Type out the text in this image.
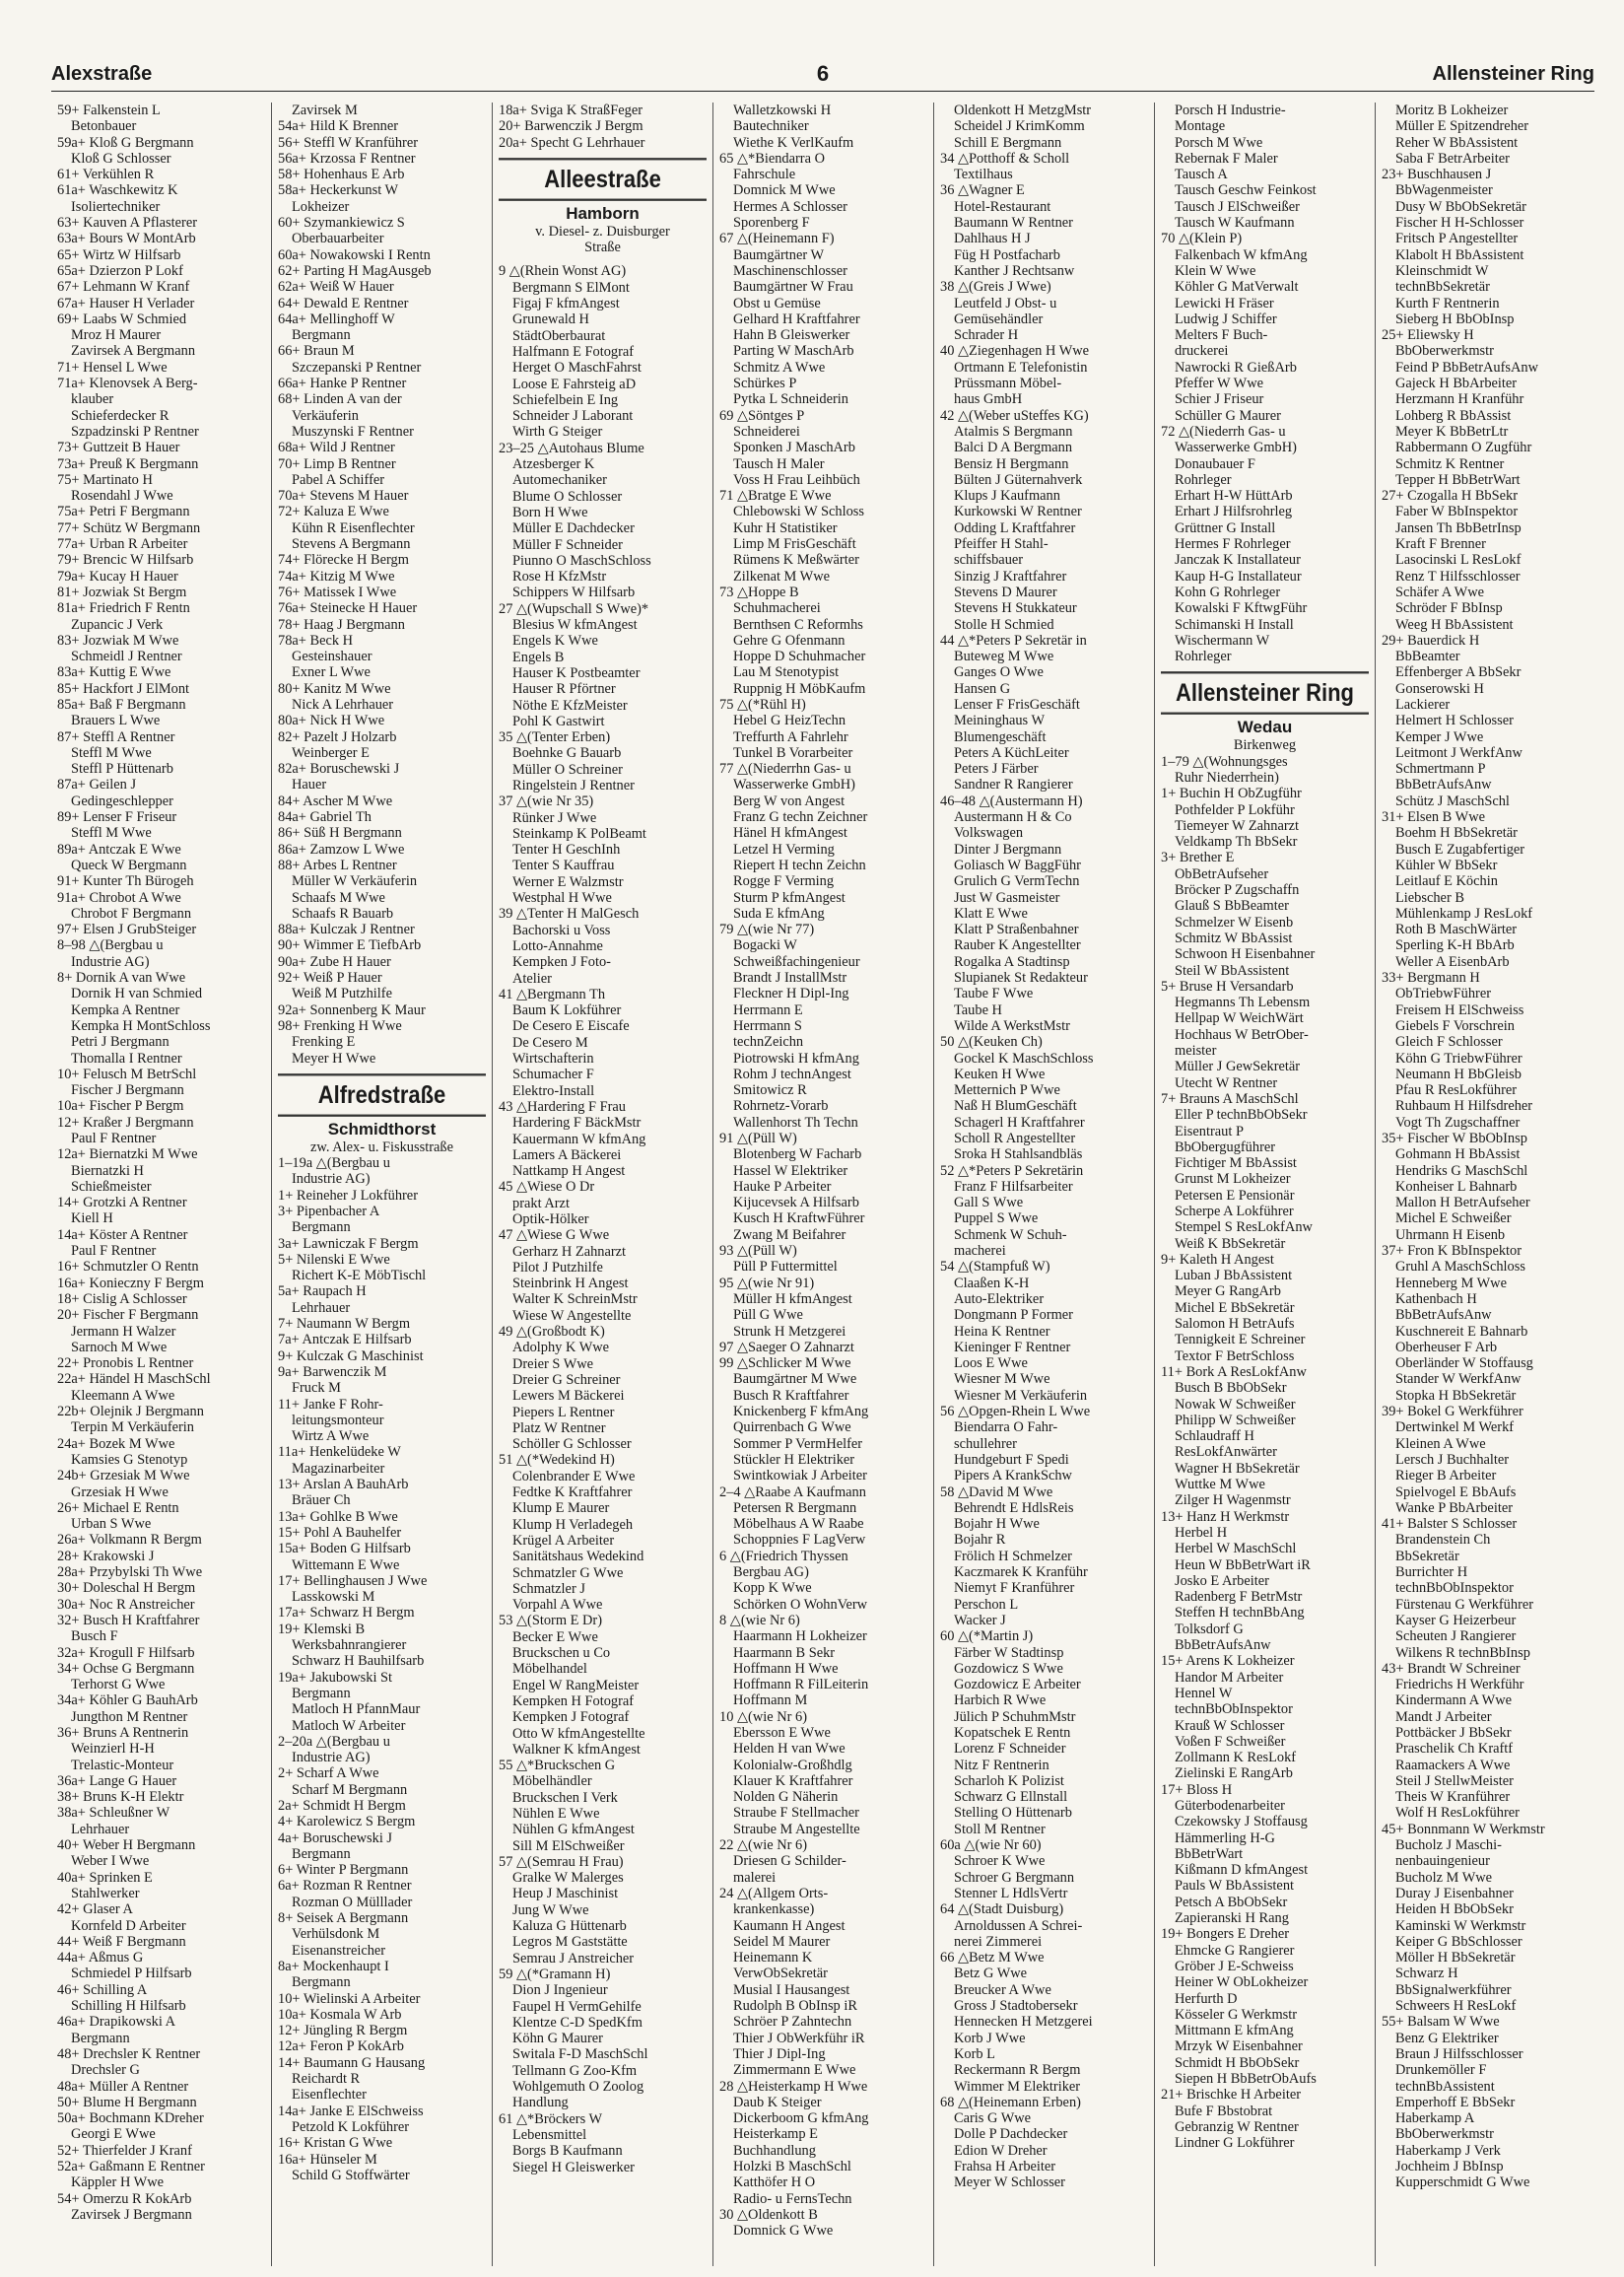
Alexstraße	6	Allensteiner Ring
59+ Falkenstein L
Betonbauer
59a+ Kloß G Bergmann
Kloß G Schlosser
61+ Verkühlen R
61a+ Waschkewitz K
Isoliertechniker
63+ Kauven A Pflasterer
63a+ Bours W MontArb
65+ Wirtz W Hilfsarb
65a+ Dzierzon P Lokf
67+ Lehmann W Kranf
67a+ Hauser H Verlader
69+ Laabs W Schmied
Mroz H Maurer
Zavirsek A Bergmann
71+ Hensel L Wwe
71a+ Klenovsek A Berg-
klauber
Schieferdecker R
Szpadzinski P Rentner
73+ Guttzeit B Hauer
73a+ Preuß K Bergmann
75+ Martinato H
Rosendahl J Wwe
75a+ Petri F Bergmann
77+ Schütz W Bergmann
77a+ Urban R Arbeiter
79+ Brencic W Hilfsarb
79a+ Kucay H Hauer
81+ Jozwiak St Bergm
81a+ Friedrich F Rentn
Zupancic J Verk
83+ Jozwiak M Wwe
Schmeidl J Rentner
83a+ Kuttig E Wwe
85+ Hackfort J ElMont
85a+ Baß F Bergmann
Brauers L Wwe
87+ Steffl A Rentner
Steffl M Wwe
Steffl P Hüttenarb
87a+ Geilen J
Gedingeschlepper
89+ Lenser F Friseur
Steffl M Wwe
89a+ Antczak E Wwe
Queck W Bergmann
91+ Kunter Th Bürogeh
91a+ Chrobot A Wwe
Chrobot F Bergmann
97+ Elsen J GrubSteiger
8–98 △(Bergbau u
Industrie AG)
8+ Dornik A van Wwe
Dornik H van Schmied
Kempka A Rentner
Kempka H MontSchloss
Petri J Bergmann
Thomalla I Rentner
10+ Felusch M BetrSchl
Fischer J Bergmann
10a+ Fischer P Bergm
12+ Kraßer J Bergmann
Paul F Rentner
12a+ Biernatzki M Wwe
Biernatzki H
Schießmeister
14+ Grotzki A Rentner
Kiell H
14a+ Köster A Rentner
Paul F Rentner
16+ Schmutzler O Rentn
16a+ Konieczny F Bergm
18+ Cislig A Schlosser
20+ Fischer F Bergmann
Jermann H Walzer
Sarnoch M Wwe
22+ Pronobis L Rentner
22a+ Händel H MaschSchl
Kleemann A Wwe
22b+ Olejnik J Bergmann
Terpin M Verkäuferin
24a+ Bozek M Wwe
Kamsies G Stenotyp
24b+ Grzesiak M Wwe
Grzesiak H Wwe
26+ Michael E Rentn
Urban S Wwe
26a+ Volkmann R Bergm
28+ Krakowski J
28a+ Przybylski Th Wwe
30+ Doleschal H Bergm
30a+ Noc R Anstreicher
32+ Busch H Kraftfahrer
Busch F
32a+ Krogull F Hilfsarb
34+ Ochse G Bergmann
Terhorst G Wwe
34a+ Köhler G BauhArb
Jungthon M Rentner
36+ Bruns A Rentnerin
Weinzierl H-H
Trelastic-Monteur
36a+ Lange G Hauer
38+ Bruns K-H Elektr
38a+ Schleußner W
Lehrhauer
40+ Weber H Bergmann
Weber I Wwe
40a+ Sprinken E
Stahlwerker
42+ Glaser A
Kornfeld D Arbeiter
44+ Weiß F Bergmann
44a+ Aßmus G
Schmiedel P Hilfsarb
46+ Schilling A
Schilling H Hilfsarb
46a+ Drapikowski A
Bergmann
48+ Drechsler K Rentner
Drechsler G
48a+ Müller A Rentner
50+ Blume H Bergmann
50a+ Bochmann KDreher
Georgi E Wwe
52+ Thierfelder J Kranf
52a+ Gaßmann E Rentner
Käppler H Wwe
54+ Omerzu R KokArb
Zavirsek J Bergmann
Zavirsek M
54a+ Hild K Brenner
56+ Steffl W Kranführer
56a+ Krzossa F Rentner
58+ Hohenhaus E Arb
58a+ Heckerkunst W
Lokheizer
60+ Szymankiewicz S
Oberbauarbeiter
60a+ Nowakowski I Rentn
62+ Parting H MagAusgeb
62a+ Weiß W Hauer
64+ Dewald E Rentner
64a+ Mellinghoff W
Bergmann
66+ Braun M
Szczepanski P Rentner
66a+ Hanke P Rentner
68+ Linden A van der
Verkäuferin
Muszynski F Rentner
68a+ Wild J Rentner
70+ Limp B Rentner
Pabel A Schiffer
70a+ Stevens M Hauer
72+ Kaluza E Wwe
Kühn R Eisenflechter
Stevens A Bergmann
74+ Flörecke H Bergm
74a+ Kitzig M Wwe
76+ Matissek I Wwe
76a+ Steinecke H Hauer
78+ Haag J Bergmann
78a+ Beck H
Gesteinshauer
Exner L Wwe
80+ Kanitz M Wwe
Nick A Lehrhauer
80a+ Nick H Wwe
82+ Pazelt J Holzarb
Weinberger E
82a+ Boruschewski J
Hauer
84+ Ascher M Wwe
84a+ Gabriel Th
86+ Süß H Bergmann
86a+ Zamzow L Wwe
88+ Arbes L Rentner
Müller W Verkäuferin
Schaafs M Wwe
Schaafs R Bauarb
88a+ Kulczak J Rentner
90+ Wimmer E TiefbArb
90a+ Zube H Hauer
92+ Weiß P Hauer
Weiß M Putzhilfe
92a+ Sonnenberg K Maur
98+ Frenking H Wwe
Frenking E
Meyer H Wwe
Alfredstraße
Schmidthorst
zw. Alex- u. Fiskusstraße
1–19a △(Bergbau u
Industrie AG)
1+ Reineher J Lokführer
3+ Pipenbacher A
Bergmann
3a+ Lawniczak F Bergm
5+ Nilenski E Wwe
Richert K-E MöbTischl
5a+ Raupach H
Lehrhauer
7+ Naumann W Bergm
7a+ Antczak E Hilfsarb
9+ Kulczak G Maschinist
9a+ Barwenczik M
Fruck M
11+ Janke F Rohr-
leitungsmonteur
Wirtz A Wwe
11a+ Henkelüdeke W
Magazinarbeiter
13+ Arslan A BauhArb
Bräuer Ch
13a+ Gohlke B Wwe
15+ Pohl A Bauhelfer
15a+ Boden G Hilfsarb
Wittemann E Wwe
17+ Bellinghausen J Wwe
Lasskowski M
17a+ Schwarz H Bergm
19+ Klemski B
Werksbahnrangierer
Schwarz H Bauhilfsarb
19a+ Jakubowski St
Bergmann
Matloch H PfannMaur
Matloch W Arbeiter
2–20a △(Bergbau u
Industrie AG)
2+ Scharf A Wwe
Scharf M Bergmann
2a+ Schmidt H Bergm
4+ Karolewicz S Bergm
4a+ Boruschewski J
Bergmann
6+ Winter P Bergmann
6a+ Rozman R Rentner
Rozman O Mülllader
8+ Seisek A Bergmann
Verhülsdonk M
Eisenanstreicher
8a+ Mockenhaupt I
Bergmann
10+ Wielinski A Arbeiter
10a+ Kosmala W Arb
12+ Jüngling R Bergm
12a+ Feron P KokArb
14+ Baumann G Hausang
Reichardt R
Eisenflechter
14a+ Janke E ElSchweiss
Petzold K Lokführer
16+ Kristan G Wwe
16a+ Hünseler M
Schild G Stoffwärter
18a+ Sviga K StraßFeger
20+ Barwenczik J Bergm
20a+ Specht G Lehrhauer
Alleestraße
Hamborn
v. Diesel- z. Duisburger
Straße
9 △(Rhein Wonst AG)
Bergmann S ElMont
Figaj F kfmAngest
Grunewald H
StädtOberbaurat
Halfmann E Fotograf
Herget O MaschFahrst
Loose E Fahrsteig aD
Schiefelbein E Ing
Schneider J Laborant
Wirth G Steiger
23–25 △Autohaus Blume
Atzesberger K
Automechaniker
Blume O Schlosser
Born H Wwe
Müller E Dachdecker
Müller F Schneider
Piunno O MaschSchloss
Rose H KfzMstr
Schippers W Hilfsarb
27 △(Wupschall S Wwe)*
Blesius W kfmAngest
Engels K Wwe
Engels B
Hauser K Postbeamter
Hauser R Pförtner
Nöthe E KfzMeister
Pohl K Gastwirt
35 △(Tenter Erben)
Boehnke G Bauarb
Müller O Schreiner
Ringelstein J Rentner
37 △(wie Nr 35)
Rünker J Wwe
Steinkamp K PolBeamt
Tenter H GeschInh
Tenter S Kauffrau
Werner E Walzmstr
Westphal H Wwe
39 △Tenter H MalGesch
Bachorski u Voss
Lotto-Annahme
Kempken J Foto-
Atelier
41 △Bergmann Th
Baum K Lokführer
De Cesero E Eiscafe
De Cesero M
Wirtschafterin
Schumacher F
Elektro-Install
43 △Hardering F Frau
Hardering F BäckMstr
Kauermann W kfmAng
Lamers A Bäckerei
Nattkamp H Angest
45 △Wiese O Dr
prakt Arzt
Optik-Hölker
47 △Wiese G Wwe
Gerharz H Zahnarzt
Pilot J Putzhilfe
Steinbrink H Angest
Walter K SchreinMstr
Wiese W Angestellte
49 △(Großbodt K)
Adolphy K Wwe
Dreier S Wwe
Dreier G Schreiner
Lewers M Bäckerei
Piepers L Rentner
Platz W Rentner
Schöller G Schlosser
51 △(*Wedekind H)
Colenbrander E Wwe
Fedtke K Kraftfahrer
Klump E Maurer
Klump H Verladegeh
Krügel A Arbeiter
Sanitätshaus Wedekind
Schmatzler G Wwe
Schmatzler J
Vorpahl A Wwe
53 △(Storm E Dr)
Becker E Wwe
Bruckschen u Co
Möbelhandel
Engel W RangMeister
Kempken H Fotograf
Kempken J Fotograf
Otto W kfmAngestellte
Walkner K kfmAngest
55 △*Bruckschen G
Möbelhändler
Bruckschen I Verk
Nühlen E Wwe
Nühlen G kfmAngest
Sill M ElSchweißer
57 △(Semrau H Frau)
Gralke W Malerges
Heup J Maschinist
Jung W Wwe
Kaluza G Hüttenarb
Legros M Gaststätte
Semrau J Anstreicher
59 △(*Gramann H)
Dion J Ingenieur
Faupel H VermGehilfe
Klentze C-D SpedKfm
Köhn G Maurer
Switala F-D MaschSchl
Tellmann G Zoo-Kfm
Wohlgemuth O Zoolog
Handlung
61 △*Bröckers W
Lebensmittel
Borgs B Kaufmann
Siegel H Gleiswerker
Walletzkowski H
Bautechniker
Wiethe K VerlKaufm
65 △*Biendarra O
Fahrschule
Domnick M Wwe
Hermes A Schlosser
Sporenberg F
67 △(Heinemann F)
Baumgärtner W
Maschinenschlosser
Baumgärtner W Frau
Obst u Gemüse
Gelhard H Kraftfahrer
Hahn B Gleiswerker
Parting W MaschArb
Schmitz A Wwe
Schürkes P
Pytka L Schneiderin
69 △Söntges P
Schneiderei
Sponken J MaschArb
Tausch H Maler
Voss H Frau Leihbüch
71 △Bratge E Wwe
Chlebowski W Schloss
Kuhr H Statistiker
Limp M FrisGeschäft
Rümens K Meßwärter
Zilkenat M Wwe
73 △Hoppe B
Schuhmacherei
Bernthsen C Reformhs
Gehre G Ofenmann
Hoppe D Schuhmacher
Lau M Stenotypist
Ruppnig H MöbKaufm
75 △(*Rühl H)
Hebel G HeizTechn
Treffurth A Fahrlehr
Tunkel B Vorarbeiter
77 △(Niederrhn Gas- u
Wasserwerke GmbH)
Berg W von Angest
Franz G techn Zeichner
Hänel H kfmAngest
Letzel H Verming
Riepert H techn Zeichn
Rogge F Verming
Sturm P kfmAngest
Suda E kfmAng
79 △(wie Nr 77)
Bogacki W
Schweißfachingenieur
Brandt J InstallMstr
Fleckner H Dipl-Ing
Herrmann E
Herrmann S
technZeichn
Piotrowski H kfmAng
Rohm J technAngest
Smitowicz R
Rohrnetz-Vorarb
Wallenhorst Th Techn
91 △(Püll W)
Blotenberg W Facharb
Hassel W Elektriker
Hauke P Arbeiter
Kijucevsek A Hilfsarb
Kusch H KraftwFührer
Zwang M Beifahrer
93 △(Püll W)
Püll P Futtermittel
95 △(wie Nr 91)
Müller H kfmAngest
Püll G Wwe
Strunk H Metzgerei
97 △Saeger O Zahnarzt
99 △Schlicker M Wwe
Baumgärtner M Wwe
Busch R Kraftfahrer
Knickenberg F kfmAng
Quirrenbach G Wwe
Sommer P VermHelfer
Stückler H Elektriker
Swintkowiak J Arbeiter
2–4 △Raabe A Kaufmann
Petersen R Bergmann
Möbelhaus A W Raabe
Schoppnies F LagVerw
6 △(Friedrich Thyssen
Bergbau AG)
Kopp K Wwe
Schörken O WohnVerw
8 △(wie Nr 6)
Haarmann H Lokheizer
Haarmann B Sekr
Hoffmann H Wwe
Hoffmann R FilLeiterin
Hoffmann M
10 △(wie Nr 6)
Ebersson E Wwe
Helden H van Wwe
Kolonialw-Großhdlg
Klauer K Kraftfahrer
Nolden G Näherin
Straube F Stellmacher
Straube M Angestellte
22 △(wie Nr 6)
Driesen G Schilder-
malerei
24 △(Allgem Orts-
krankenkasse)
Kaumann H Angest
Seidel M Maurer
Heinemann K
VerwObSekretär
Musial I Hausangest
Rudolph B ObInsp iR
Schröer P Zahntechn
Thier J ObWerkführ iR
Thier J Dipl-Ing
Zimmermann E Wwe
28 △Heisterkamp H Wwe
Daub K Steiger
Dickerboom G kfmAng
Heisterkamp E
Buchhandlung
Holzki B MaschSchl
Katthöfer H O
Radio- u FernsTechn
30 △Oldenkott B
Domnick G Wwe
Oldenkott H MetzgMstr
Scheidel J KrimKomm
Schill E Bergmann
34 △Potthoff & Scholl
Textilhaus
36 △Wagner E
Hotel-Restaurant
Baumann W Rentner
Dahlhaus H J
Füg H Postfacharb
Kanther J Rechtsanw
38 △(Greis J Wwe)
Leutfeld J Obst- u
Gemüsehändler
Schrader H
40 △Ziegenhagen H Wwe
Ortmann E Telefonistin
Prüssmann Möbel-
haus GmbH
42 △(Weber uSteffes KG)
Atalmis S Bergmann
Balci D A Bergmann
Bensiz H Bergmann
Bülten J Güternahverk
Klups J Kaufmann
Kurkowski W Rentner
Odding L Kraftfahrer
Pfeiffer H Stahl-
schiffsbauer
Sinzig J Kraftfahrer
Stevens D Maurer
Stevens H Stukkateur
Stolle H Schmied
44 △*Peters P Sekretär in
Buteweg M Wwe
Ganges O Wwe
Hansen G
Lenser F FrisGeschäft
Meininghaus W
Blumengeschäft
Peters A KüchLeiter
Peters J Färber
Sandner R Rangierer
46–48 △(Austermann H)
Austermann H & Co
Volkswagen
Dinter J Bergmann
Goliasch W BaggFühr
Grulich G VermTechn
Just W Gasmeister
Klatt E Wwe
Klatt P Straßenbahner
Rauber K Angestellter
Rogalka A Stadtinsp
Slupianek St Redakteur
Taube F Wwe
Taube H
Wilde A WerkstMstr
50 △(Keuken Ch)
Gockel K MaschSchloss
Keuken H Wwe
Metternich P Wwe
Naß H BlumGeschäft
Schagerl H Kraftfahrer
Scholl R Angestellter
Sroka H Stahlsandbläs
52 △*Peters P Sekretärin
Franz F Hilfsarbeiter
Gall S Wwe
Puppel S Wwe
Schmenk W Schuh-
macherei
54 △(Stampfuß W)
Claaßen K-H
Auto-Elektriker
Dongmann P Former
Heina K Rentner
Kieninger F Rentner
Loos E Wwe
Wiesner M Wwe
Wiesner M Verkäuferin
56 △Opgen-Rhein L Wwe
Biendarra O Fahr-
schullehrer
Hundgeburt F Spedi
Pipers A KrankSchw
58 △David M Wwe
Behrendt E HdlsReis
Bojahr H Wwe
Bojahr R
Frölich H Schmelzer
Kaczmarek K Kranführ
Niemyt F Kranführer
Perschon L
Wacker J
60 △(*Martin J)
Färber W Stadtinsp
Gozdowicz S Wwe
Gozdowicz E Arbeiter
Harbich R Wwe
Jülich P SchuhmMstr
Kopatschek E Rentn
Lorenz F Schneider
Nitz F Rentnerin
Scharloh K Polizist
Schwarz G Ellnstall
Stelling O Hüttenarb
Stoll M Rentner
60a △(wie Nr 60)
Schroer K Wwe
Schroer G Bergmann
Stenner L HdlsVertr
64 △(Stadt Duisburg)
Arnoldussen A Schrei-
nerei Zimmerei
66 △Betz M Wwe
Betz G Wwe
Breucker A Wwe
Gross J Stadtobersekr
Hennecken H Metzgerei
Korb J Wwe
Korb L
Reckermann R Bergm
Wimmer M Elektriker
68 △(Heinemann Erben)
Caris G Wwe
Dolle P Dachdecker
Edion W Dreher
Frahsa H Arbeiter
Meyer W Schlosser
Porsch H Industrie-
Montage
Porsch M Wwe
Rebernak F Maler
Tausch A
Tausch Geschw Feinkost
Tausch J ElSchweißer
Tausch W Kaufmann
70 △(Klein P)
Falkenbach W kfmAng
Klein W Wwe
Köhler G MatVerwalt
Lewicki H Fräser
Ludwig J Schiffer
Melters F Buch-
druckerei
Nawrocki R GießArb
Pfeffer W Wwe
Schier J Friseur
Schüller G Maurer
72 △(Niederrh Gas- u
Wasserwerke GmbH)
Donaubauer F
Rohrleger
Erhart H-W HüttArb
Erhart J Hilfsrohrleg
Grüttner G Install
Hermes F Rohrleger
Janczak K Installateur
Kaup H-G Installateur
Kohn G Rohrleger
Kowalski F KftwgFühr
Schimanski H Install
Wischermann W
Rohrleger
Allensteiner Ring
Wedau
Birkenweg
1–79 △(Wohnungsges
Ruhr Niederrhein)
1+ Buchin H ObZugführ
Pothfelder P Lokführ
Tiemeyer W Zahnarzt
Veldkamp Th BbSekr
3+ Brether E
ObBetrAufseher
Bröcker P Zugschaffn
Glauß S BbBeamter
Schmelzer W Eisenb
Schmitz W BbAssist
Schwoon H Eisenbahner
Steil W BbAssistent
5+ Bruse H Versandarb
Hegmanns Th Lebensm
Hellpap W WeichWärt
Hochhaus W BetrOber-
meister
Müller J GewSekretär
Utecht W Rentner
7+ Brauns A MaschSchl
Eller P technBbObSekr
Eisentraut P
BbObergugführer
Fichtiger M BbAssist
Grunst M Lokheizer
Petersen E Pensionär
Scherpe A Lokführer
Stempel S ResLokfAnw
Weiß K BbSekretär
9+ Kaleth H Angest
Luban J BbAssistent
Meyer G RangArb
Michel E BbSekretär
Salomon H BetrAufs
Tennigkeit E Schreiner
Textor F BetrSchloss
11+ Bork A ResLokfAnw
Busch B BbObSekr
Nowak W Schweißer
Philipp W Schweißer
Schlaudraff H
ResLokfAnwärter
Wagner H BbSekretär
Wuttke M Wwe
Zilger H Wagenmstr
13+ Hanz H Werkmstr
Herbel H
Herbel W MaschSchl
Heun W BbBetrWart iR
Josko E Arbeiter
Radenberg F BetrMstr
Steffen H technBbAng
Tolksdorf G
BbBetrAufsAnw
15+ Arens K Lokheizer
Handor M Arbeiter
Hennel W
technBbObInspektor
Krauß W Schlosser
Voßen F Schweißer
Zollmann K ResLokf
Zielinski E RangArb
17+ Bloss H
Güterbodenarbeiter
Czekowsky J Stoffausg
Hämmerling H-G
BbBetrWart
Kißmann D kfmAngest
Pauls W BbAssistent
Petsch A BbObSekr
Zapieranski H Rang
19+ Bongers E Dreher
Ehmcke G Rangierer
Gröber J E-Schweiss
Heiner W ObLokheizer
Herfurth D
Kösseler G Werkmstr
Mittmann E kfmAng
Mrzyk W Eisenbahner
Schmidt H BbObSekr
Siepen H BbBetrObAufs
21+ Brischke H Arbeiter
Bufe F Bbstobrat
Gebranzig W Rentner
Lindner G Lokführer
Moritz B Lokheizer
Müller E Spitzendreher
Reher W BbAssistent
Saba F BetrArbeiter
23+ Buschhausen J
BbWagenmeister
Dusy W BbObSekretär
Fischer H H-Schlosser
Fritsch P Angestellter
Klabolt H BbAssistent
Kleinschmidt W
technBbSekretär
Kurth F Rentnerin
Sieberg H BbObInsp
25+ Eliewsky H
BbOberwerkmstr
Feind P BbBetrAufsAnw
Gajeck H BbArbeiter
Herzmann H Kranführ
Lohberg R BbAssist
Meyer K BbBetrLtr
Rabbermann O Zugführ
Schmitz K Rentner
Tepper H BbBetrWart
27+ Czogalla H BbSekr
Faber W BbInspektor
Jansen Th BbBetrInsp
Kraft F Brenner
Lasocinski L ResLokf
Renz T Hilfsschlosser
Schäfer A Wwe
Schröder F BbInsp
Weeg H BbAssistent
29+ Bauerdick H
BbBeamter
Effenberger A BbSekr
Gonserowski H
Lackierer
Helmert H Schlosser
Kemper J Wwe
Leitmont J WerkfAnw
Schmertmann P
BbBetrAufsAnw
Schütz J MaschSchl
31+ Elsen B Wwe
Boehm H BbSekretär
Busch E Zugabfertiger
Kühler W BbSekr
Leitlauf E Köchin
Liebscher B
Mühlenkamp J ResLokf
Roth B MaschWärter
Sperling K-H BbArb
Weller A EisenbArb
33+ Bergmann H
ObTriebwFührer
Freisem H ElSchweiss
Giebels F Vorschrein
Gleich F Schlosser
Köhn G TriebwFührer
Neumann H BbGleisb
Pfau R ResLokführer
Ruhbaum H Hilfsdreher
Vogt Th Zugschaffner
35+ Fischer W BbObInsp
Gohmann H BbAssist
Hendriks G MaschSchl
Konheiser L Bahnarb
Mallon H BetrAufseher
Michel E Schweißer
Uhrmann H Eisenb
37+ Fron K BbInspektor
Gruhl A MaschSchloss
Henneberg M Wwe
Kathenbach H
BbBetrAufsAnw
Kuschnereit E Bahnarb
Oberheuser F Arb
Oberländer W Stoffausg
Stander W WerkfAnw
Stopka H BbSekretär
39+ Bokel G Werkführer
Dertwinkel M Werkf
Kleinen A Wwe
Lersch J Buchhalter
Rieger B Arbeiter
Spielvogel E BbAufs
Wanke P BbArbeiter
41+ Balster S Schlosser
Brandenstein Ch
BbSekretär
Burrichter H
technBbObInspektor
Fürstenau G Werkführer
Kayser G Heizerbeur
Scheuten J Rangierer
Wilkens R technBbInsp
43+ Brandt W Schreiner
Friedrichs H Werkführ
Kindermann A Wwe
Mandt J Arbeiter
Pottbäcker J BbSekr
Praschelik Ch Kraftf
Raamackers A Wwe
Steil J StellwMeister
Theis W Kranführer
Wolf H ResLokführer
45+ Bonnmann W Werkmstr
Bucholz J Maschi-
nenbauingenieur
Bucholz M Wwe
Duray J Eisenbahner
Heiden H BbObSekr
Kaminski W Werkmstr
Keiper G BbSchlosser
Möller H BbSekretär
Schwarz H
BbSignalwerkführer
Schweers H ResLokf
55+ Balsam W Wwe
Benz G Elektriker
Braun J Hilfsschlosser
Drunkemöller F
technBbAssistent
Emperhoff E BbSekr
Haberkamp A
BbOberwerkmstr
Haberkamp J Verk
Jochheim J BbInsp
Kupperschmidt G Wwe
